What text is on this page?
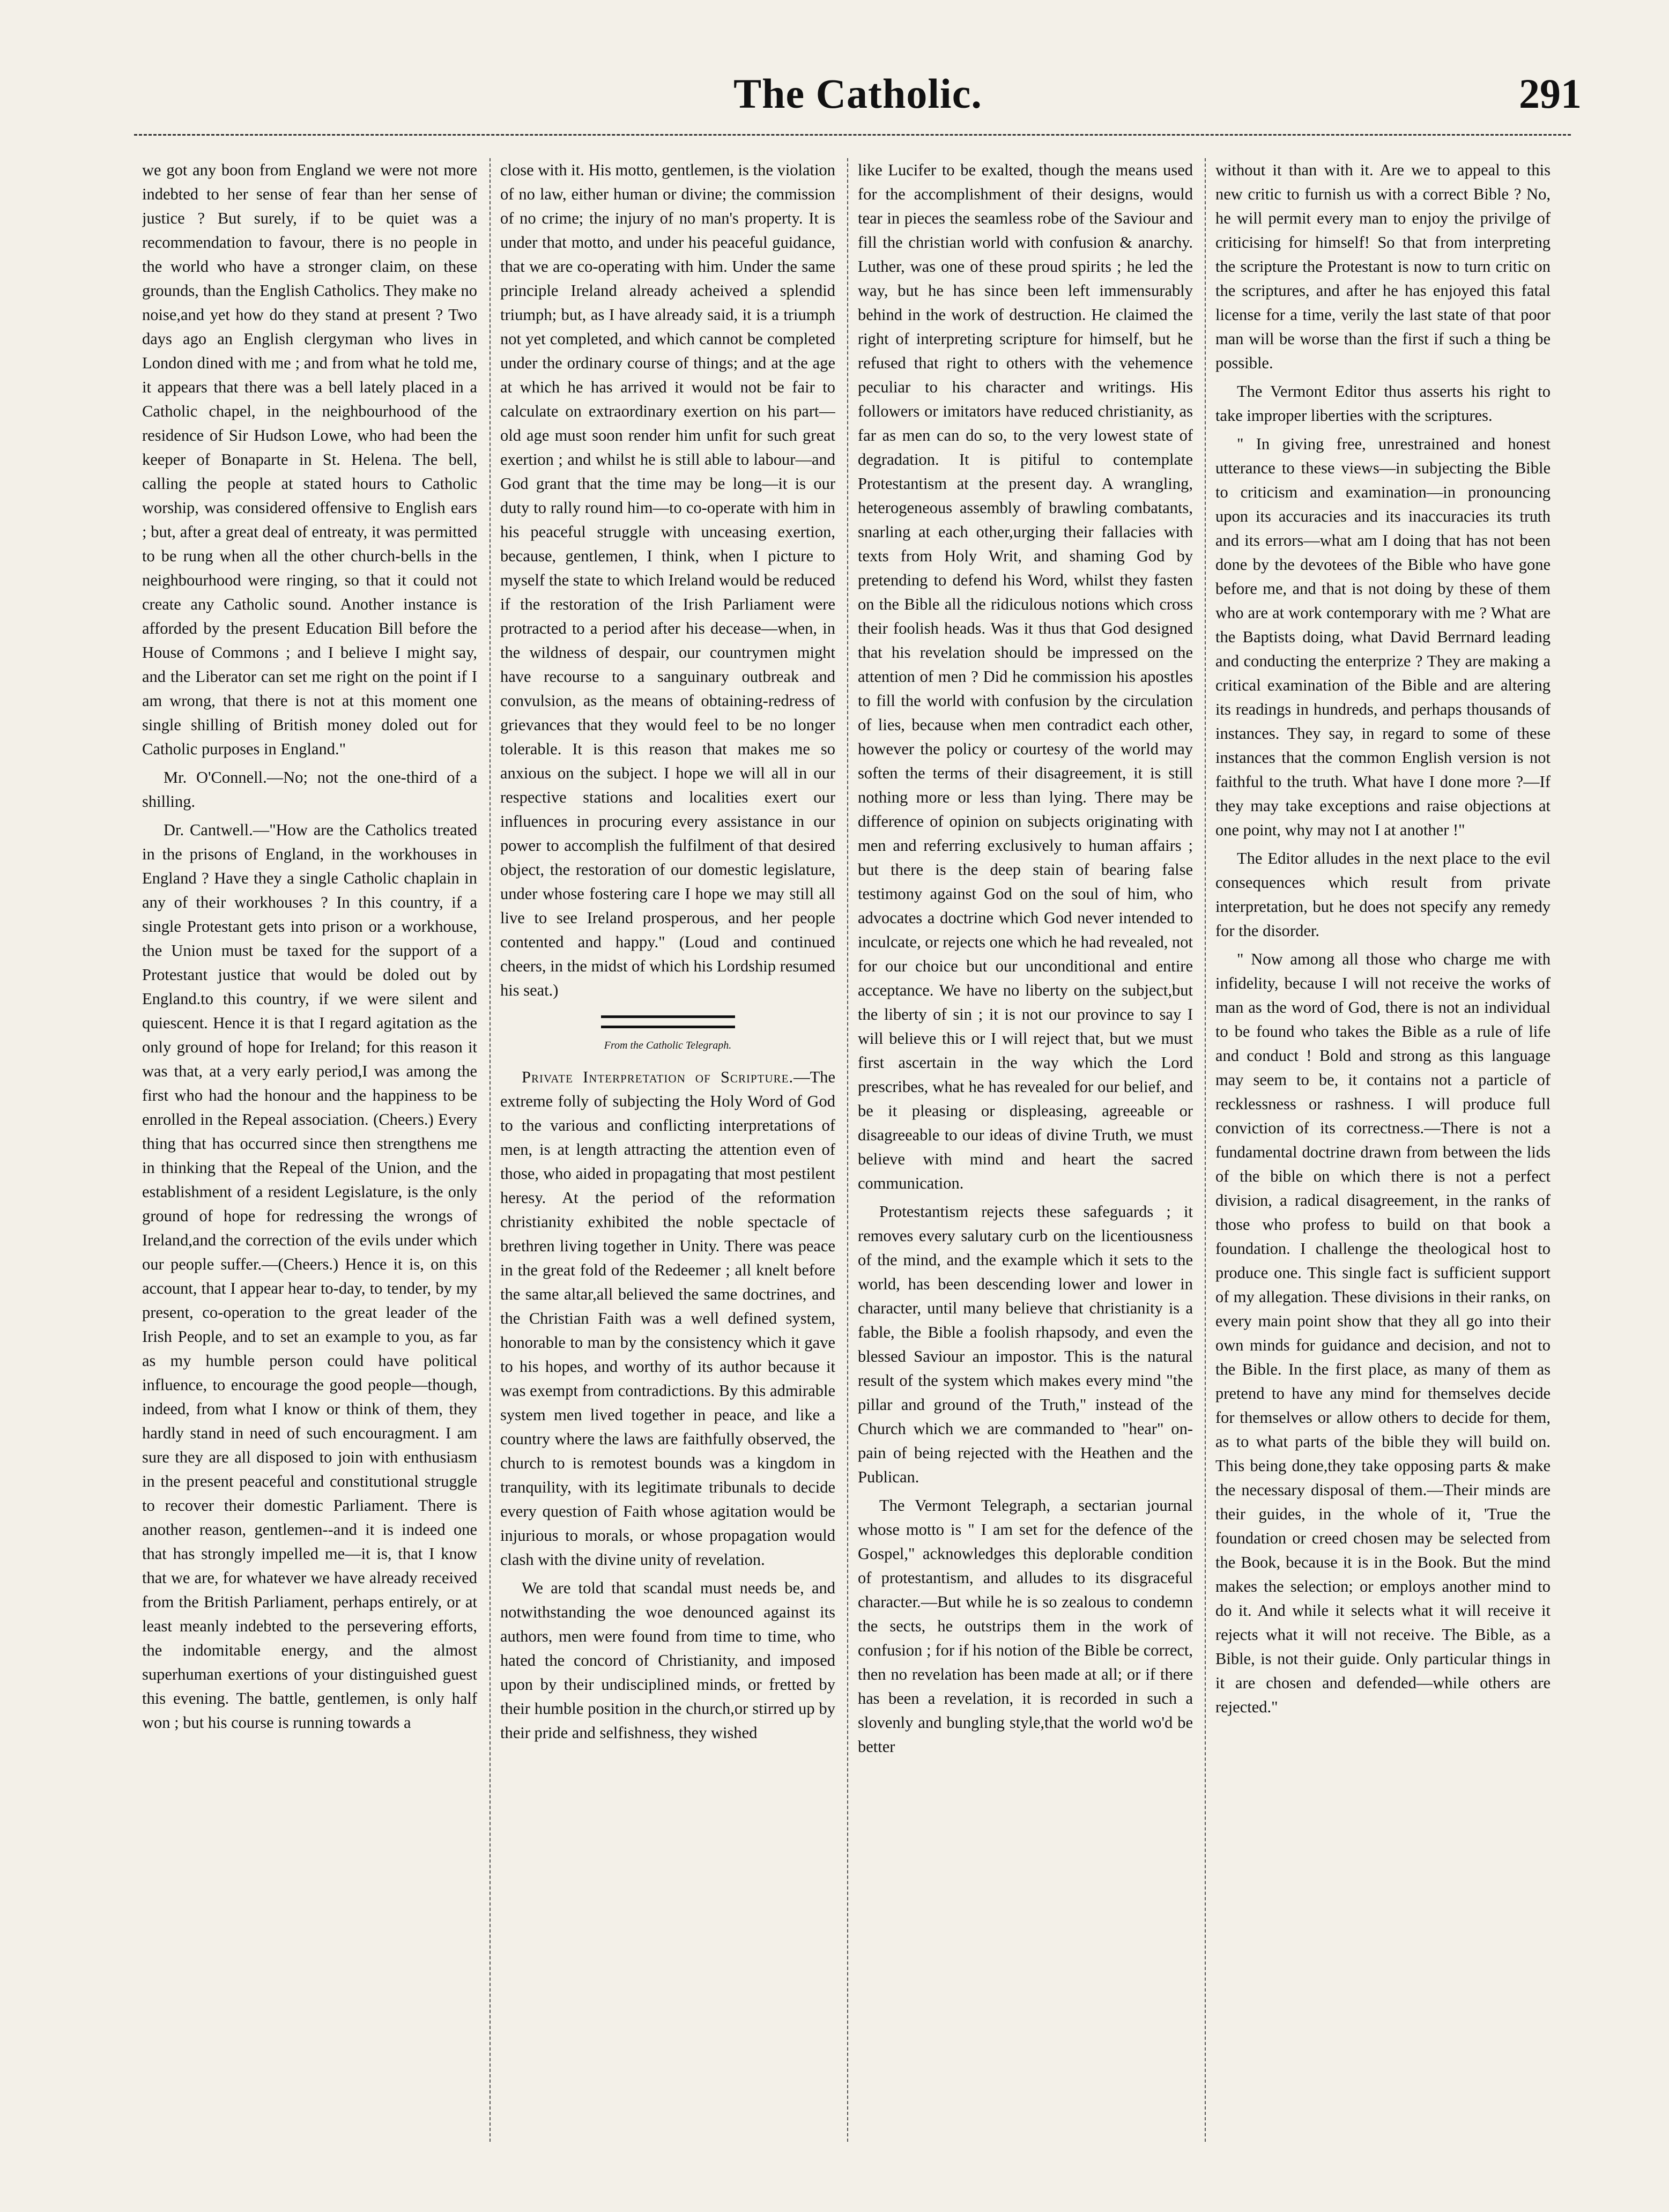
The Catholic.	291

we got any boon from England we were not more indebted to her sense of fear than her sense of justice ? But surely, if to be quiet was a recommendation to favour, there is no people in the world who have a stronger claim, on these grounds, than the English Catholics. They make no noise,and yet how do they stand at present ? Two days ago an English clergyman who lives in London dined with me ; and from what he told me, it appears that there was a bell lately placed in a Catholic chapel, in the neighbourhood of the residence of Sir Hudson Lowe, who had been the keeper of Bonaparte in St. Helena. The bell, calling the people at stated hours to Catholic worship, was considered offensive to English ears ; but, after a great deal of entreaty, it was permitted to be rung when all the other church-bells in the neighbourhood were ringing, so that it could not create any Catholic sound. Another instance is afforded by the present Education Bill before the House of Commons ; and I believe I might say, and the Liberator can set me right on the point if I am wrong, that there is not at this moment one single shilling of British money doled out for Catholic purposes in England."

Mr. O'Connell.—No; not the one-third of a shilling.

Dr. Cantwell.—"How are the Catholics treated in the prisons of England, in the workhouses in England ? Have they a single Catholic chaplain in any of their workhouses ? In this country, if a single Protestant gets into prison or a workhouse, the Union must be taxed for the support of a Protestant justice that would be doled out by England.to this country, if we were silent and quiescent. Hence it is that I regard agitation as the only ground of hope for Ireland; for this reason it was that, at a very early period,I was among the first who had the honour and the happiness to be enrolled in the Repeal association. (Cheers.) Every thing that has occurred since then strengthens me in thinking that the Repeal of the Union, and the establishment of a resident Legislature, is the only ground of hope for redressing the wrongs of Ireland,and the correction of the evils under which our people suffer.—(Cheers.) Hence it is, on this account, that I appear hear to-day, to tender, by my present, co-operation to the great leader of the Irish People, and to set an example to you, as far as my humble person could have political influence, to encourage the good people—though, indeed, from what I know or think of them, they hardly stand in need of such encouragment. I am sure they are all disposed to join with enthusiasm in the present peaceful and constitutional struggle to recover their domestic Parliament. There is another reason, gentlemen--and it is indeed one that has strongly impelled me—it is, that I know that we are, for whatever we have already received from the British Parliament, perhaps entirely, or at least meanly indebted to the persevering efforts, the indomitable energy, and the almost superhuman exertions of your distinguished guest this evening. The battle, gentlemen, is only half won ; but his course is running towards a

close with it. His motto, gentlemen, is the violation of no law, either human or divine; the commission of no crime; the injury of no man's property. It is under that motto, and under his peaceful guidance, that we are co-operating with him. Under the same principle Ireland already acheived a splendid triumph; but, as I have already said, it is a triumph not yet completed, and which cannot be completed under the ordinary course of things; and at the age at which he has arrived it would not be fair to calculate on extraordinary exertion on his part—old age must soon render him unfit for such great exertion ; and whilst he is still able to labour—and God grant that the time may be long—it is our duty to rally round him—to co-operate with him in his peaceful struggle with unceasing exertion, because, gentlemen, I think, when I picture to myself the state to which Ireland would be reduced if the restoration of the Irish Parliament were protracted to a period after his decease—when, in the wildness of despair, our countrymen might have recourse to a sanguinary outbreak and convulsion, as the means of obtaining-redress of grievances that they would feel to be no longer tolerable. It is this reason that makes me so anxious on the subject. I hope we will all in our respective stations and localities exert our influences in procuring every assistance in our power to accomplish the fulfilment of that desired object, the restoration of our domestic legislature, under whose fostering care I hope we may still all live to see Ireland prosperous, and her people contented and happy." (Loud and continued cheers, in the midst of which his Lordship resumed his seat.)

From the Catholic Telegraph.

Private Interpretation of Scripture.—The extreme folly of subjecting the Holy Word of God to the various and conflicting interpretations of men, is at length attracting the attention even of those, who aided in propagating that most pestilent heresy. At the period of the reformation christianity exhibited the noble spectacle of brethren living together in Unity. There was peace in the great fold of the Redeemer ; all knelt before the same altar,all believed the same doctrines, and the Christian Faith was a well defined system, honorable to man by the consistency which it gave to his hopes, and worthy of its author because it was exempt from contradictions. By this admirable system men lived together in peace, and like a country where the laws are faithfully observed, the church to is remotest bounds was a kingdom in tranquility, with its legitimate tribunals to decide every question of Faith whose agitation would be injurious to morals, or whose propagation would clash with the divine unity of revelation.

We are told that scandal must needs be, and notwithstanding the woe denounced against its authors, men were found from time to time, who hated the concord of Christianity, and imposed upon by their undisciplined minds, or fretted by their humble position in the church,or stirred up by their pride and selfishness, they wished

like Lucifer to be exalted, though the means used for the accomplishment of their designs, would tear in pieces the seamless robe of the Saviour and fill the christian world with confusion & anarchy. Luther, was one of these proud spirits ; he led the way, but he has since been left immensurably behind in the work of destruction. He claimed the right of interpreting scripture for himself, but he refused that right to others with the vehemence peculiar to his character and writings. His followers or imitators have reduced christianity, as far as men can do so, to the very lowest state of degradation. It is pitiful to contemplate Protestantism at the present day. A wrangling, heterogeneous assembly of brawling combatants, snarling at each other,urging their fallacies with texts from Holy Writ, and shaming God by pretending to defend his Word, whilst they fasten on the Bible all the ridiculous notions which cross their foolish heads. Was it thus that God designed that his revelation should be impressed on the attention of men ? Did he commission his apostles to fill the world with confusion by the circulation of lies, because when men contradict each other, however the policy or courtesy of the world may soften the terms of their disagreement, it is still nothing more or less than lying. There may be difference of opinion on subjects originating with men and referring exclusively to human affairs ; but there is the deep stain of bearing false testimony against God on the soul of him, who advocates a doctrine which God never intended to inculcate, or rejects one which he had revealed, not for our choice but our unconditional and entire acceptance. We have no liberty on the subject,but the liberty of sin ; it is not our province to say I will believe this or I will reject that, but we must first ascertain in the way which the Lord prescribes, what he has revealed for our belief, and be it pleasing or displeasing, agreeable or disagreeable to our ideas of divine Truth, we must believe with mind and heart the sacred communication.

Protestantism rejects these safeguards ; it removes every salutary curb on the licentiousness of the mind, and the example which it sets to the world, has been descending lower and lower in character, until many believe that christianity is a fable, the Bible a foolish rhapsody, and even the blessed Saviour an impostor. This is the natural result of the system which makes every mind "the pillar and ground of the Truth," instead of the Church which we are commanded to "hear" on-pain of being rejected with the Heathen and the Publican.

The Vermont Telegraph, a sectarian journal whose motto is " I am set for the defence of the Gospel," acknowledges this deplorable condition of protestantism, and alludes to its disgraceful character.—But while he is so zealous to condemn the sects, he outstrips them in the work of confusion ; for if his notion of the Bible be correct, then no revelation has been made at all; or if there has been a revelation, it is recorded in such a slovenly and bungling style,that the world wo'd be better

without it than with it. Are we to appeal to this new critic to furnish us with a correct Bible ? No, he will permit every man to enjoy the privilge of criticising for himself! So that from interpreting the scripture the Protestant is now to turn critic on the scriptures, and after he has enjoyed this fatal license for a time, verily the last state of that poor man will be worse than the first if such a thing be possible.

The Vermont Editor thus asserts his right to take improper liberties with the scriptures.

" In giving free, unrestrained and honest utterance to these views—in subjecting the Bible to criticism and examination—in pronouncing upon its accuracies and its inaccuracies its truth and its errors—what am I doing that has not been done by the devotees of the Bible who have gone before me, and that is not doing by these of them who are at work contemporary with me ? What are the Baptists doing, what David Berrnard leading and conducting the enterprize ? They are making a critical examination of the Bible and are altering its readings in hundreds, and perhaps thousands of instances. They say, in regard to some of these instances that the common English version is not faithful to the truth. What have I done more ?—If they may take exceptions and raise objections at one point, why may not I at another !"

The Editor alludes in the next place to the evil consequences which result from private interpretation, but he does not specify any remedy for the disorder.

" Now among all those who charge me with infidelity, because I will not receive the works of man as the word of God, there is not an individual to be found who takes the Bible as a rule of life and conduct ! Bold and strong as this language may seem to be, it contains not a particle of recklessness or rashness. I will produce full conviction of its correctness.—There is not a fundamental doctrine drawn from between the lids of the bible on which there is not a perfect division, a radical disagreement, in the ranks of those who profess to build on that book a foundation. I challenge the theological host to produce one. This single fact is sufficient support of my allegation. These divisions in their ranks, on every main point show that they all go into their own minds for guidance and decision, and not to the Bible. In the first place, as many of them as pretend to have any mind for themselves decide for themselves or allow others to decide for them, as to what parts of the bible they will build on. This being done,they take opposing parts & make the necessary disposal of them.—Their minds are their guides, in the whole of it, 'True the foundation or creed chosen may be selected from the Book, because it is in the Book. But the mind makes the selection; or employs another mind to do it. And while it selects what it will receive it rejects what it will not receive. The Bible, as a Bible, is not their guide. Only particular things in it are chosen and defended—while others are rejected."
